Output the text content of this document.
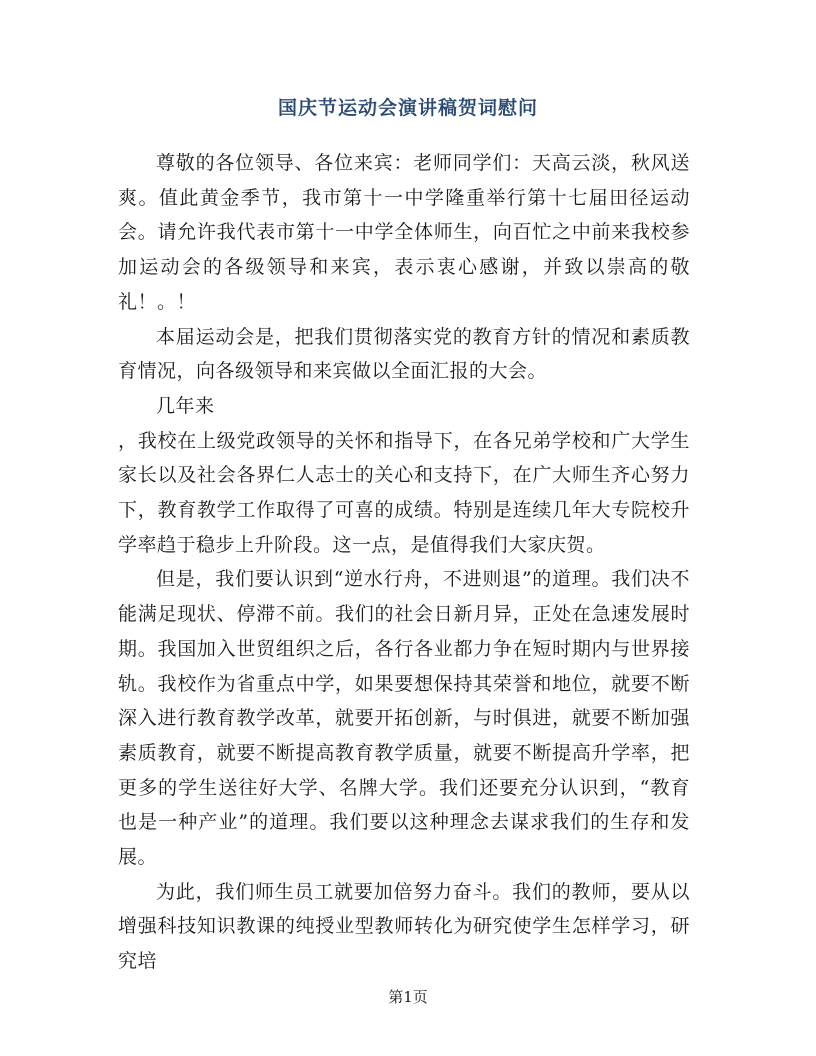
国庆节运动会演讲稿贺词慰问

尊敬的各位领导、各位来宾：老师同学们：天高云淡，秋风送爽。值此黄金季节，我市第十一中学隆重举行第十七届田径运动会。请允许我代表市第十一中学全体师生，向百忙之中前来我校参加运动会的各级领导和来宾，表示衷心感谢，并致以崇高的敬礼！。！

本届运动会是，把我们贯彻落实党的教育方针的情况和素质教育情况，向各级领导和来宾做以全面汇报的大会。

几年来

，我校在上级党政领导的关怀和指导下，在各兄弟学校和广大学生家长以及社会各界仁人志士的关心和支持下，在广大师生齐心努力下，教育教学工作取得了可喜的成绩。特别是连续几年大专院校升学率趋于稳步上升阶段。这一点，是值得我们大家庆贺。

但是，我们要认识到“逆水行舟，不进则退”的道理。我们决不能满足现状、停滞不前。我们的社会日新月异，正处在急速发展时期。我国加入世贸组织之后，各行各业都力争在短时期内与世界接轨。我校作为省重点中学，如果要想保持其荣誉和地位，就要不断深入进行教育教学改革，就要开拓创新，与时俱进，就要不断加强素质教育，就要不断提高教育教学质量，就要不断提高升学率，把更多的学生送往好大学、名牌大学。我们还要充分认识到，“教育也是一种产业”的道理。我们要以这种理念去谋求我们的生存和发展。

为此，我们师生员工就要加倍努力奋斗。我们的教师，要从以增强科技知识教课的纯授业型教师转化为研究使学生怎样学习，研究培

第1页
